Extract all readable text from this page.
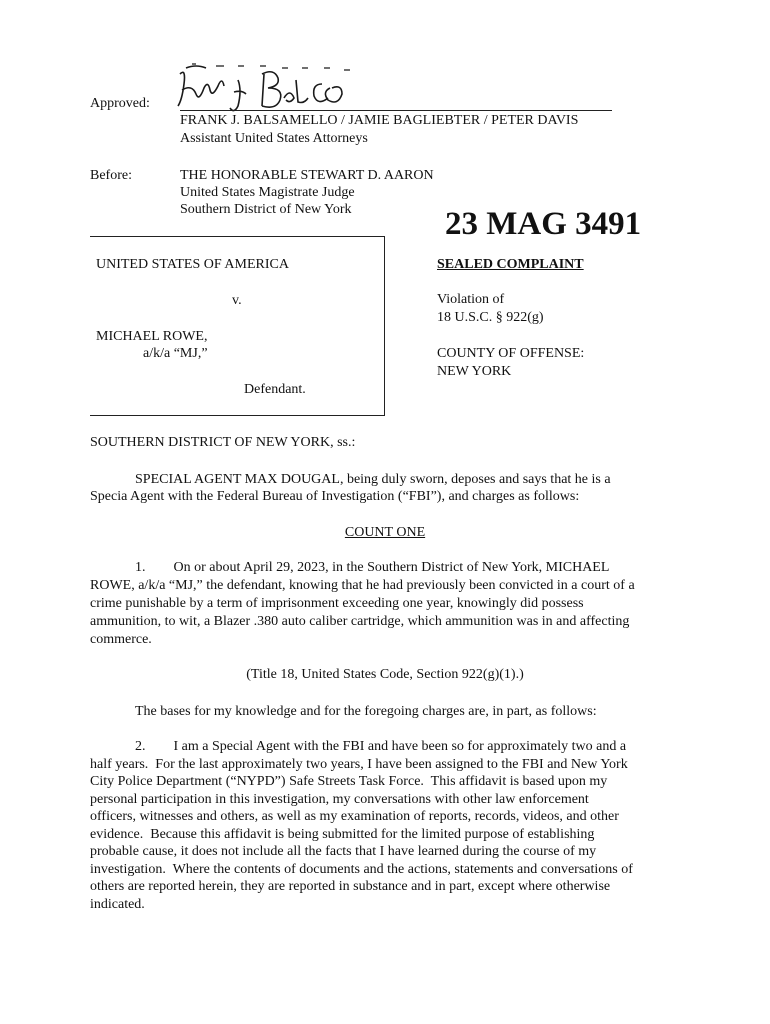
Approved:
FRANK J. BALSAMELLO / JAMIE BAGLIEBTER / PETER DAVIS
Assistant United States Attorneys
Before:	THE HONORABLE STEWART D. AARON
United States Magistrate Judge
Southern District of New York	23 MAG 3491
UNITED STATES OF AMERICA
v.
MICHAEL ROWE,
a/k/a “MJ,”
Defendant.
SEALED COMPLAINT
Violation of
18 U.S.C. § 922(g)
COUNTY OF OFFENSE:
NEW YORK
SOUTHERN DISTRICT OF NEW YORK, ss.:
SPECIAL AGENT MAX DOUGAL, being duly sworn, deposes and says that he is a
Specia Agent with the Federal Bureau of Investigation (“FBI”), and charges as follows:
COUNT ONE
1.        On or about April 29, 2023, in the Southern District of New York, MICHAEL
ROWE, a/k/a “MJ,” the defendant, knowing that he had previously been convicted in a court of a
crime punishable by a term of imprisonment exceeding one year, knowingly did possess
ammunition, to wit, a Blazer .380 auto caliber cartridge, which ammunition was in and affecting
commerce.
(Title 18, United States Code, Section 922(g)(1).)
The bases for my knowledge and for the foregoing charges are, in part, as follows:
2.        I am a Special Agent with the FBI and have been so for approximately two and a
half years.  For the last approximately two years, I have been assigned to the FBI and New York
City Police Department (“NYPD”) Safe Streets Task Force.  This affidavit is based upon my
personal participation in this investigation, my conversations with other law enforcement
officers, witnesses and others, as well as my examination of reports, records, videos, and other
evidence.  Because this affidavit is being submitted for the limited purpose of establishing
probable cause, it does not include all the facts that I have learned during the course of my
investigation.  Where the contents of documents and the actions, statements and conversations of
others are reported herein, they are reported in substance and in part, except where otherwise
indicated.
